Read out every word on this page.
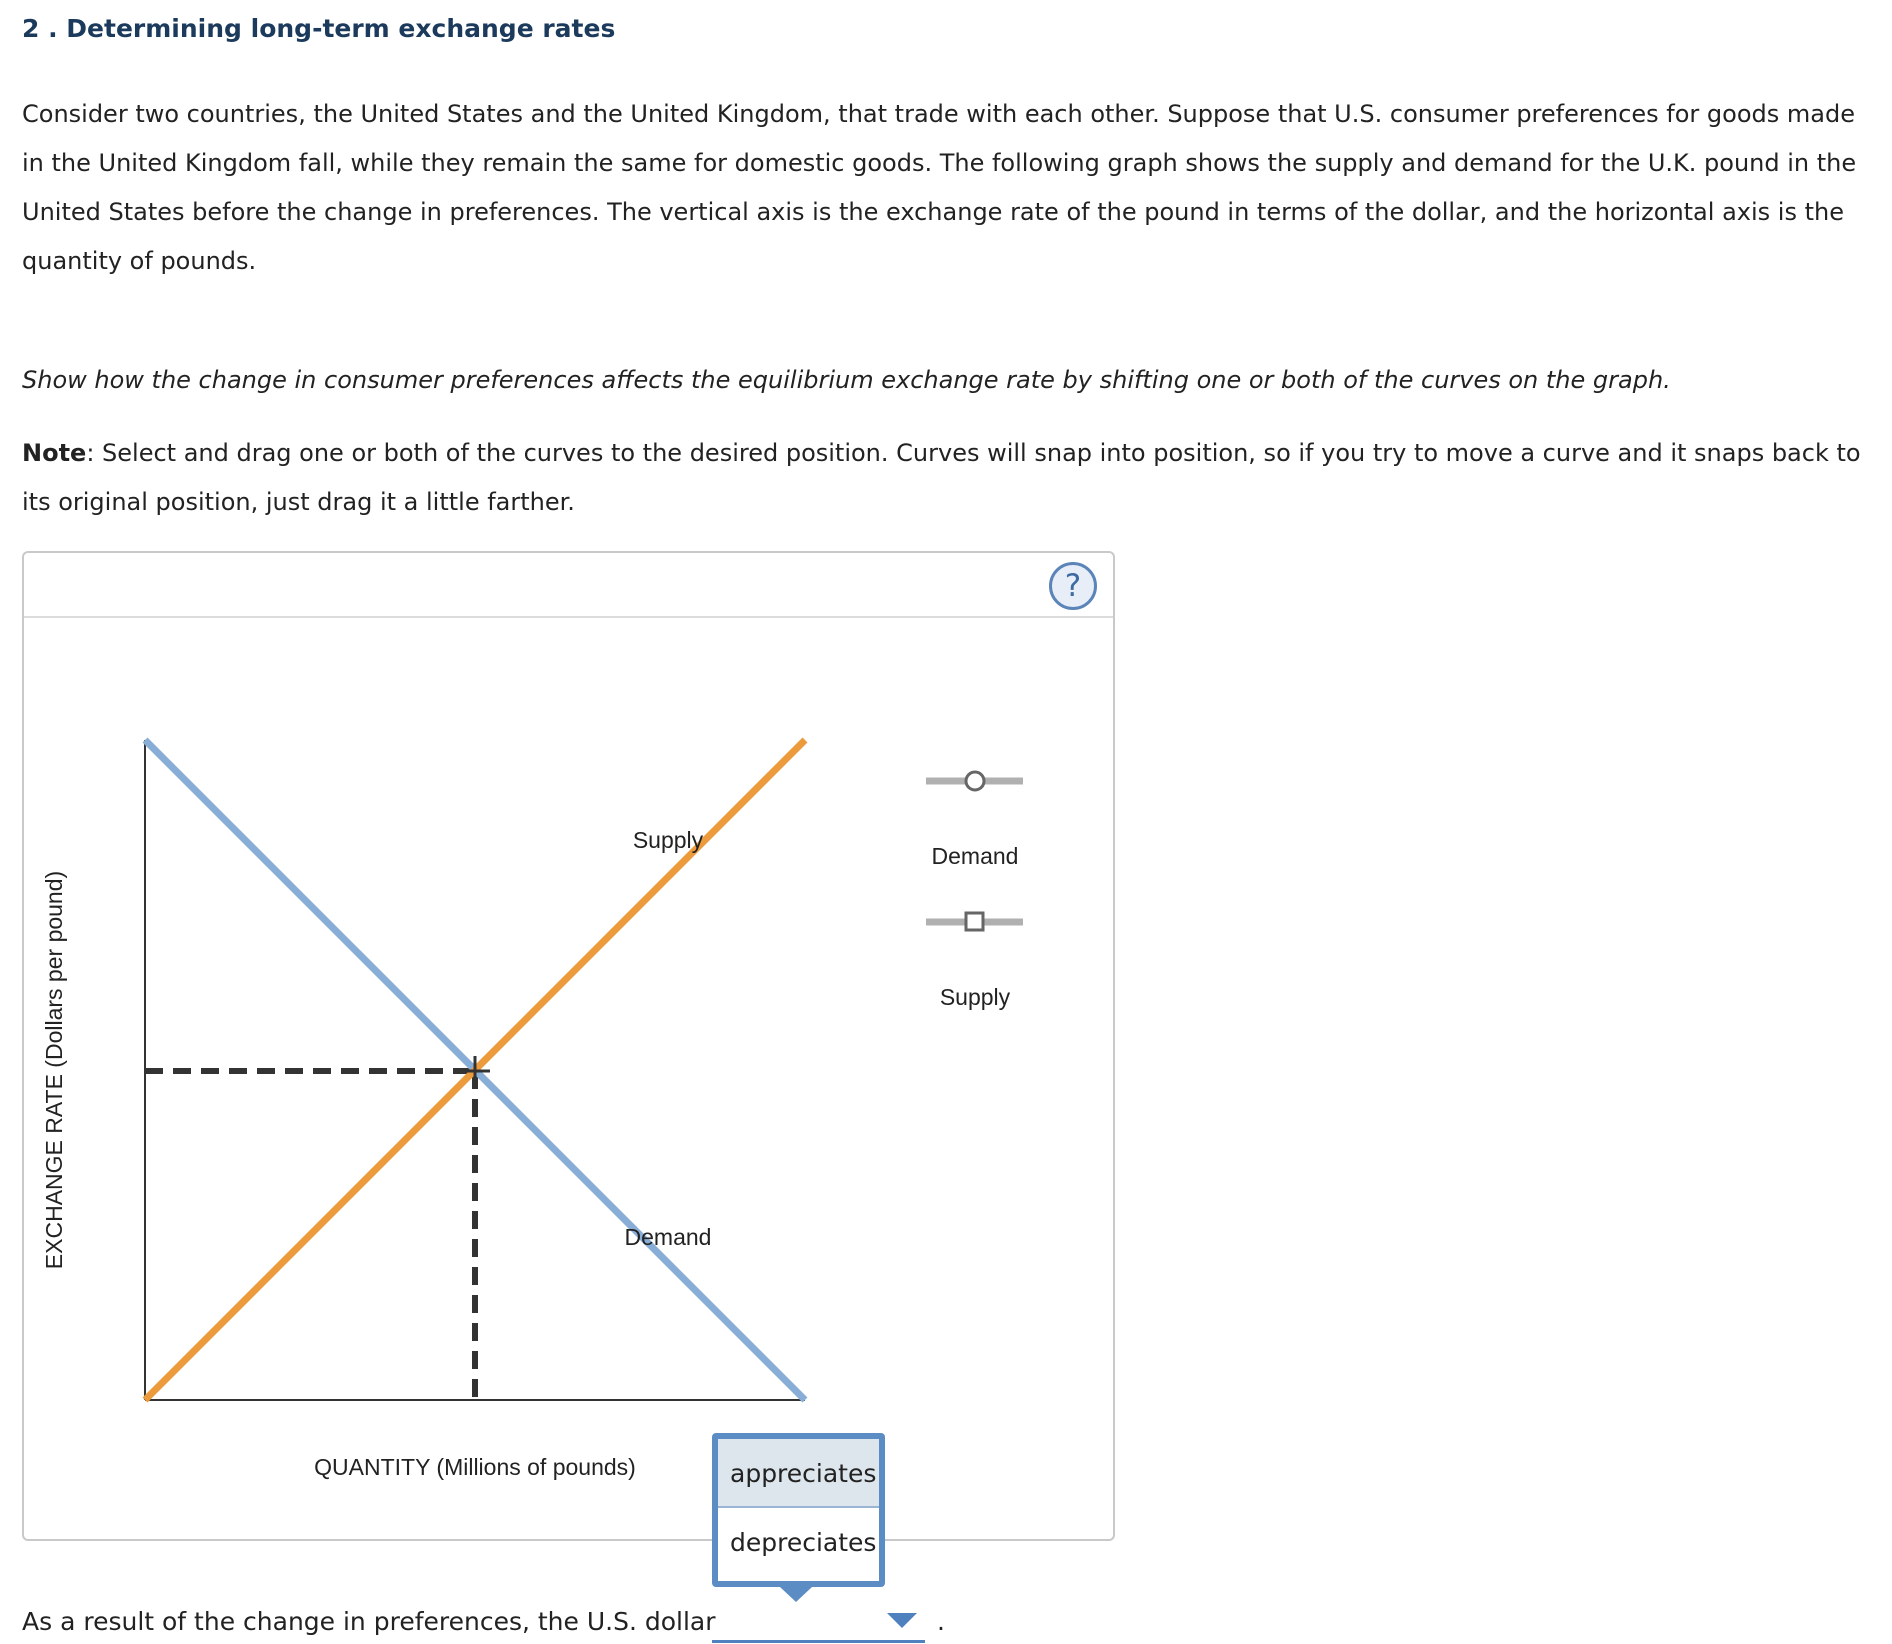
2 . Determining long-term exchange rates

Consider two countries, the United States and the United Kingdom, that trade with each other. Suppose that U.S. consumer preferences for goods made in the United Kingdom fall, while they remain the same for domestic goods. The following graph shows the supply and demand for the U.K. pound in the United States before the change in preferences. The vertical axis is the exchange rate of the pound in terms of the dollar, and the horizontal axis is the quantity of pounds.

Show how the change in consumer preferences affects the equilibrium exchange rate by shifting one or both of the curves on the graph.

Note: Select and drag one or both of the curves to the desired position. Curves will snap into position, so if you try to move a curve and it snaps back to its original position, just drag it a little farther.

?
Supply
Demand
QUANTITY (Millions of pounds)
EXCHANGE RATE (Dollars per pound)
Demand
Supply
appreciates
depreciates

As a result of the change in preferences, the U.S. dollar	.
